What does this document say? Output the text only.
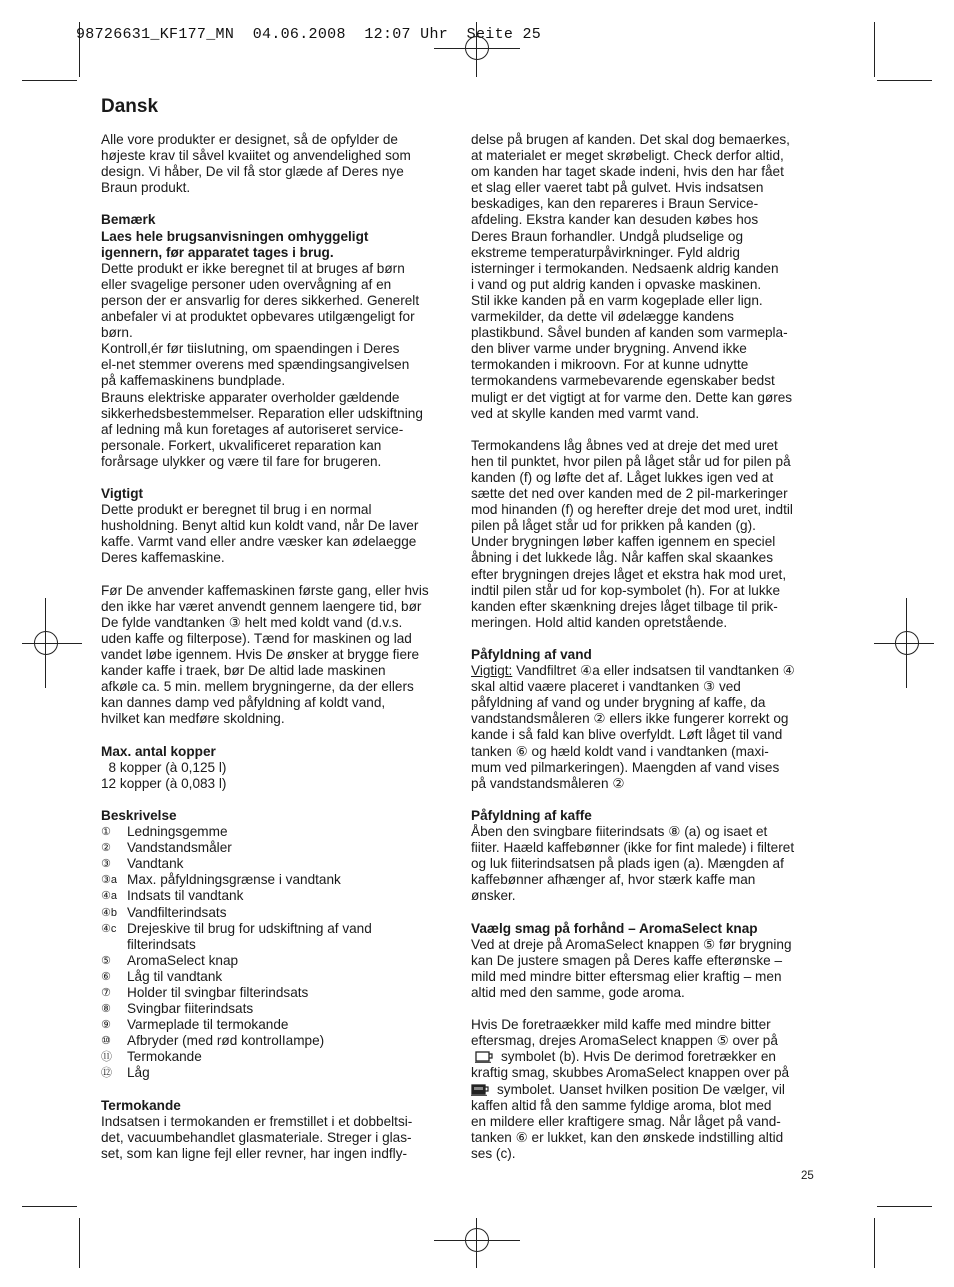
98726631_KF177_MN  04.06.2008  12:07 Uhr  Seite 25
Dansk
Alle vore produkter er designet, så de opfylder de
højeste krav til såvel kvaiitet og anvendelighed som
design. Vi håber, De vil få stor glæde af Deres nye
Braun produkt.
Bemærk
Laes hele brugsanvisningen omhyggeligt
igennern, før apparatet tages i brug.
Dette produkt er ikke beregnet til at bruges af børn
eller svagelige personer uden overvågning af en
person der er ansvarlig for deres sikkerhed. Generelt
anbefaler vi at produktet opbevares utilgængeligt for
børn.
Kontroll,ér før tiisIutning, om spaendingen i Deres
el-net stemmer overens med spændingsangivelsen
på kaffemaskinens bundplade.
Brauns elektriske apparater overholder gældende
sikkerhedsbestemmelser. Reparation eller udskiftning
af ledning må kun foretages af autoriseret service-
personale. Forkert, ukvalificeret reparation kan
forårsage ulykker og være til fare for brugeren.
Vigtigt
Dette produkt er beregnet til brug i en normal
husholdning. Benyt altid kun koldt vand, når De laver
kaffe. Varmt vand eller andre væsker kan ødelaegge
Deres kaffemaskine.
Før De anvender kaffemaskinen første gang, eller hvis
den ikke har været anvendt gennem laengere tid, bør
De fylde vandtanken ③ helt med koldt vand (d.v.s.
uden kaffe og filterpose). Tænd for maskinen og lad
vandet løbe igennem. Hvis De ønsker at brygge fiere
kander kaffe i traek, bør De altid lade maskinen
afkøle ca. 5 min. mellem brygningerne, da der ellers
kan dannes damp ved påfyldning af koldt vand,
hvilket kan medføre skoldning.
Max. antal kopper
8 kopper (à 0,125 l)
12 kopper (à 0,083 l)
Beskrivelse
①	Ledningsgemme
②	Vandstandsmåler
③	Vandtank
③a Max. påfyldningsgrænse i vandtank
④a Indsats til vandtank
④b Vandfilterindsats
④c Drejeskive til brug for udskiftning af vand
filterindsats
⑤	AromaSelect knap
⑥	Låg til vandtank
⑦	Holder til svingbar filterindsats
⑧	Svingbar fiiterindsats
⑨	Varmeplade til termokande
⑩	Afbryder (med rød kontrolIampe)
⑪	Termokande
⑫	Låg
Termokande
Indsatsen i termokanden er fremstillet i et dobbeltsi-
det, vacuumbehandlet glasmateriale. Streger i glas-
set, som kan ligne fejl eller revner, har ingen indfly-
delse på brugen af kanden. Det skal dog bemaerkes,
at materialet er meget skrøbeligt. Check derfor altid,
om kanden har taget skade indeni, hvis den har fået
et slag eller vaeret tabt på gulvet. Hvis indsatsen
beskadiges, kan den repareres i Braun Service-
afdeling. Ekstra kander kan desuden købes hos
Deres Braun forhandler. Undgå pludselige og
ekstreme temperaturpåvirkninger. Fyld aldrig
isterninger i termokanden. Nedsaenk aldrig kanden
i vand og put aldrig kanden i opvaske maskinen.
Stil ikke kanden på en varm kogeplade eller lign.
varmekilder, da dette vil ødelægge kandens
plastikbund. Såvel bunden af kanden som varmepla-
den bliver varme under brygning. Anvend ikke
termokanden i mikroovn. For at kunne udnytte
termokandens varmebevarende egenskaber bedst
muligt er det vigtigt at for varme den. Dette kan gøres
ved at skylle kanden med varmt vand.
Termokandens låg åbnes ved at dreje det med uret
hen til punktet, hvor pilen på låget står ud for pilen på
kanden (f) og løfte det af. Låget lukkes igen ved at
sætte det ned over kanden med de 2 pil-markeringer
mod hinanden (f) og herefter dreje det mod uret, indtil
pilen på låget står ud for prikken på kanden (g).
Under brygningen løber kaffen igennem en speciel
åbning i det lukkede låg. Når kaffen skal skaankes
efter brygningen drejes låget et ekstra hak mod uret,
indtil pilen står ud for kop-symbolet (h). For at lukke
kanden efter skænkning drejes låget tilbage til prik-
meringen. Hold altid kanden opretstående.
Påfyldning af vand
Vigtigt: Vandfiltret ④a eller indsatsen til vandtanken ④
skal altid vaære placeret i vandtanken ③ ved
påfyldning af vand og under brygning af kaffe, da
vandstandsmåleren ② ellers ikke fungerer korrekt og
kande i så fald kan blive overfyldt. Løft låget til vand
tanken ⑥ og hæld koldt vand i vandtanken (maxi-
mum ved pilmarkeringen). Maengden af vand vises
på vandstandsmåleren ②
Påfyldning af kaffe
Åben den svingbare fiiterindsats ⑧ (a) og isaet et
fiiter. Haæld kaffebønner (ikke for fint malede) i filteret
og luk fiiterindsatsen på plads igen (a). Mængden af
kaffebønner afhænger af, hvor stærk kaffe man
ønsker.
Vaælg smag på forhånd – AromaSelect knap
Ved at dreje på AromaSelect knappen ⑤ før brygning
kan De justere smagen på Deres kaffe efterønske –
mild med mindre bitter eftersmag elier kraftig – men
altid med den samme, gode aroma.
Hvis De foretraækker mild kaffe med mindre bitter
eftersmag, drejes AromaSelect knappen ⑤ over på
symbolet (b). Hvis De derimod foretrækker en
kraftig smag, skubbes AromaSelect knappen over på
symbolet. Uanset hvilken position De vælger, vil
kaffen altid få den samme fyldige aroma, blot med
en mildere eller kraftigere smag. Når låget på vand-
tanken ⑥ er lukket, kan den ønskede indstilling altid
ses (c).
25
